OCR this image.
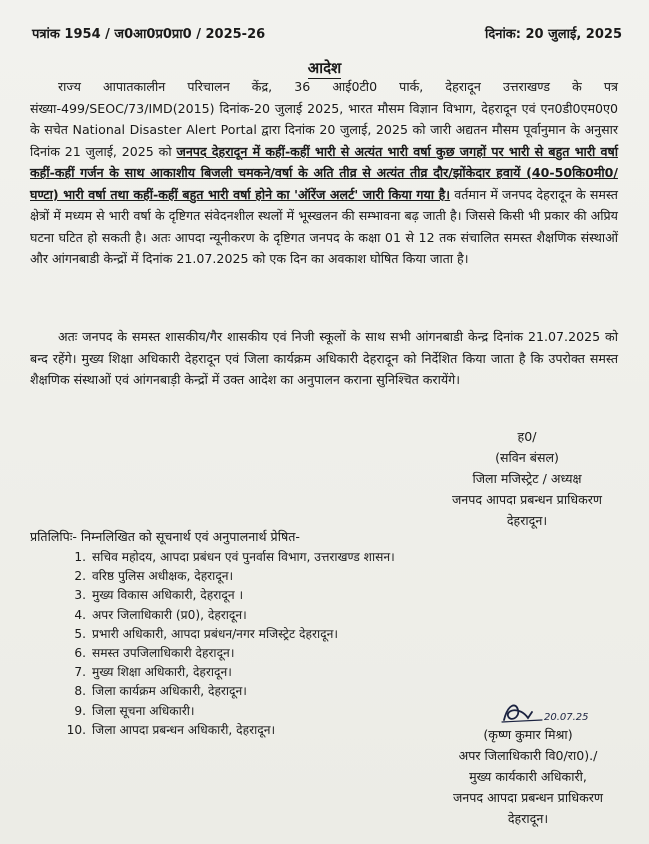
पत्रांक 1954 / ज0आ0प्र0प्रा0 / 2025-26	दिनांक: 20 जुलाई, 2025
आदेश
राज्य आपातकालीन परिचालन केंद्र, 36 आई0टी0 पार्क, देहरादून उत्तराखण्ड के पत्र संख्या-499/SEOC/73/IMD(2015) दिनांक-20 जुलाई 2025, भारत मौसम विज्ञान विभाग, देहरादून एवं एन0डी0एम0ए0 के सचेत National Disaster Alert Portal द्वारा दिनांक 20 जुलाई, 2025 को जारी अद्यतन मौसम पूर्वानुमान के अनुसार दिनांक 21 जुलाई, 2025 को जनपद देहरादून में कहीं-कहीं भारी से अत्यंत भारी वर्षा कुछ जगहों पर भारी से बहुत भारी वर्षा कहीं-कहीं गर्जन के साथ आकाशीय बिजली चमकने/वर्षा के अति तीव्र से अत्यंत तीव्र दौर/झोंकेदार हवायें (40-50कि0मी0/घण्टा) भारी वर्षा तथा कहीं-कहीं बहुत भारी वर्षा होने का 'ऑरेंज अलर्ट' जारी किया गया है। वर्तमान में जनपद देहरादून के समस्त क्षेत्रों में मध्यम से भारी वर्षा के दृष्टिगत संवेदनशील स्थलों में भूस्खलन की सम्भावना बढ़ जाती है। जिससे किसी भी प्रकार की अप्रिय घटना घटित हो सकती है। अतः आपदा न्यूनीकरण के दृष्टिगत जनपद के कक्षा 01 से 12 तक संचालित समस्त शैक्षणिक संस्थाओं और आंगनबाडी केन्द्रों में दिनांक 21.07.2025 को एक दिन का अवकाश घोषित किया जाता है।
अतः जनपद के समस्त शासकीय/गैर शासकीय एवं निजी स्कूलों के साथ सभी आंगनबाडी केन्द्र दिनांक 21.07.2025 को बन्द रहेंगे। मुख्य शिक्षा अधिकारी देहरादून एवं जिला कार्यक्रम अधिकारी देहरादून को निर्देशित किया जाता है कि उपरोक्त समस्त शैक्षणिक संस्थाओं एवं आंगनबाड़ी केन्द्रों में उक्त आदेश का अनुपालन कराना सुनिश्चित करायेंगे।
ह0/
(सविन बंसल)
जिला मजिस्ट्रेट / अध्यक्ष
जनपद आपदा प्रबन्धन प्राधिकरण
देहरादून।
प्रतिलिपिः- निम्नलिखित को सूचनार्थ एवं अनुपालनार्थ प्रेषित-
1. सचिव महोदय, आपदा प्रबंधन एवं पुनर्वास विभाग, उत्तराखण्ड शासन।
2. वरिष्ठ पुलिस अधीक्षक, देहरादून।
3. मुख्य विकास अधिकारी, देहरादून ।
4. अपर जिलाधिकारी (प्र0), देहरादून।
5. प्रभारी अधिकारी, आपदा प्रबंधन/नगर मजिस्ट्रेट देहरादून।
6. समस्त उपजिलाधिकारी देहरादून।
7. मुख्य शिक्षा अधिकारी, देहरादून।
8. जिला कार्यक्रम अधिकारी, देहरादून।
9. जिला सूचना अधिकारी।
10. जिला आपदा प्रबन्धन अधिकारी, देहरादून।
20.07.25
(कृष्ण कुमार मिश्रा)
अपर जिलाधिकारी वि0/रा0)./
मुख्य कार्यकारी अधिकारी,
जनपद आपदा प्रबन्धन प्राधिकरण
देहरादून।
